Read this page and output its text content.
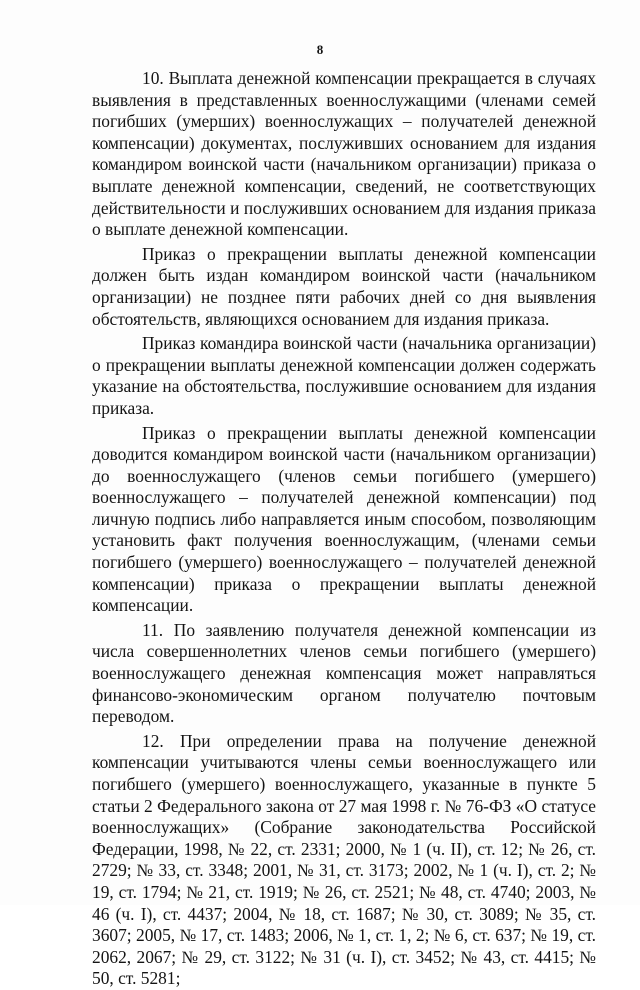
8

10. Выплата денежной компенсации прекращается в случаях выявления в представленных военнослужащими (членами семей погибших (умерших) военнослужащих – получателей денежной компенсации) документах, послуживших основанием для издания командиром воинской части (начальником организации) приказа о выплате денежной компенсации, сведений, не соответствующих действительности и послуживших основанием для издания приказа о выплате денежной компенсации.

Приказ о прекращении выплаты денежной компенсации должен быть издан командиром воинской части (начальником организации) не позднее пяти рабочих дней со дня выявления обстоятельств, являющихся основанием для издания приказа.

Приказ командира воинской части (начальника организации) о прекращении выплаты денежной компенсации должен содержать указание на обстоятельства, послужившие основанием для издания приказа.

Приказ о прекращении выплаты денежной компенсации доводится командиром воинской части (начальником организации) до военнослужащего (членов семьи погибшего (умершего) военнослужащего – получателей денежной компенсации) под личную подпись либо направляется иным способом, позволяющим установить факт получения военнослужащим, (членами семьи погибшего (умершего) военнослужащего – получателей денежной компенсации) приказа о прекращении выплаты денежной компенсации.

11. По заявлению получателя денежной компенсации из числа совершеннолетних членов семьи погибшего (умершего) военнослужащего денежная компенсация может направляться финансово-экономическим органом получателю почтовым переводом.

12. При определении права на получение денежной компенсации учитываются члены семьи военнослужащего или погибшего (умершего) военнослужащего, указанные в пункте 5 статьи 2 Федерального закона от 27 мая 1998 г. № 76-ФЗ «О статусе военнослужащих» (Собрание законодательства Российской Федерации, 1998, № 22, ст. 2331; 2000, № 1 (ч. II), ст. 12; № 26, ст. 2729; № 33, ст. 3348; 2001, № 31, ст. 3173; 2002, № 1 (ч. I), ст. 2; № 19, ст. 1794; № 21, ст. 1919; № 26, ст. 2521; № 48, ст. 4740; 2003, № 46 (ч. I), ст. 4437; 2004, № 18, ст. 1687; № 30, ст. 3089; № 35, ст. 3607; 2005, № 17, ст. 1483; 2006, № 1, ст. 1, 2; № 6, ст. 637; № 19, ст. 2062, 2067; № 29, ст. 3122; № 31 (ч. I), ст. 3452; № 43, ст. 4415; № 50, ст. 5281;
